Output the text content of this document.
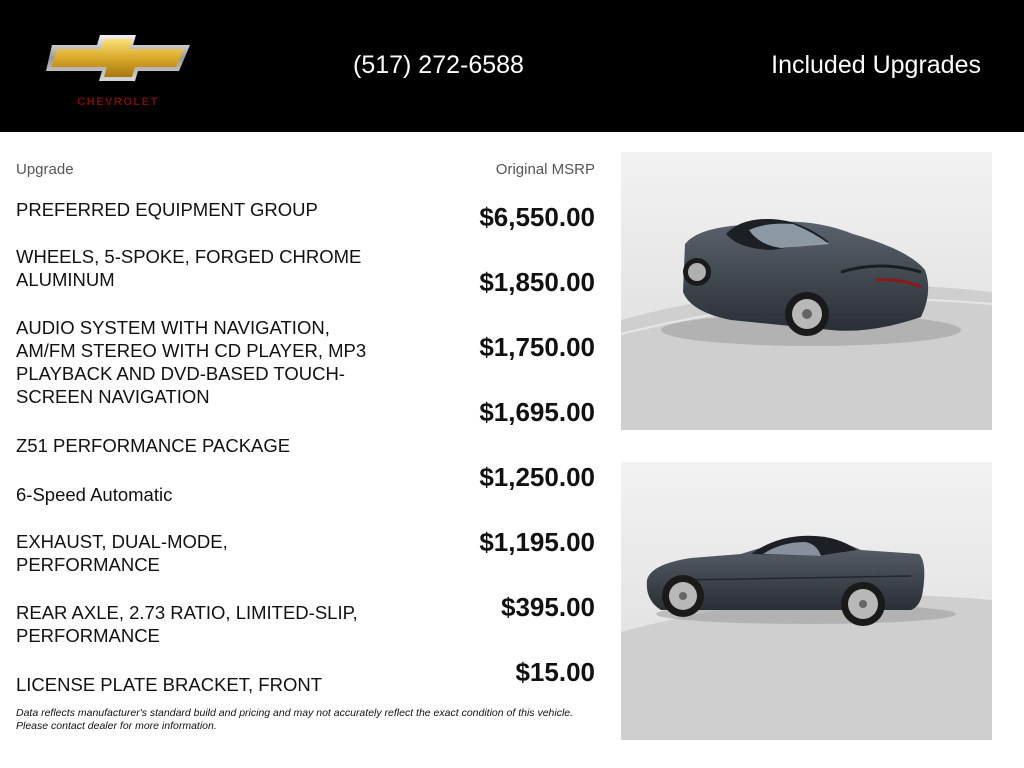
CHEVROLET
(517) 272-6588	Included Upgrades
Upgrade	Original MSRP
PREFERRED EQUIPMENT GROUP
WHEELS, 5-SPOKE, FORGED CHROME ALUMINUM
AUDIO SYSTEM WITH NAVIGATION, AM/FM STEREO WITH CD PLAYER, MP3 PLAYBACK AND DVD-BASED TOUCH-SCREEN NAVIGATION
Z51 PERFORMANCE PACKAGE
6-Speed Automatic
EXHAUST, DUAL-MODE, PERFORMANCE
REAR AXLE, 2.73 RATIO, LIMITED-SLIP, PERFORMANCE
LICENSE PLATE BRACKET, FRONT
$6,550.00
$1,850.00
$1,750.00
$1,695.00
$1,250.00
$1,195.00
$395.00
$15.00
Data reflects manufacturer's standard build and pricing and may not accurately reflect the exact condition of this vehicle. Please contact dealer for more information.
